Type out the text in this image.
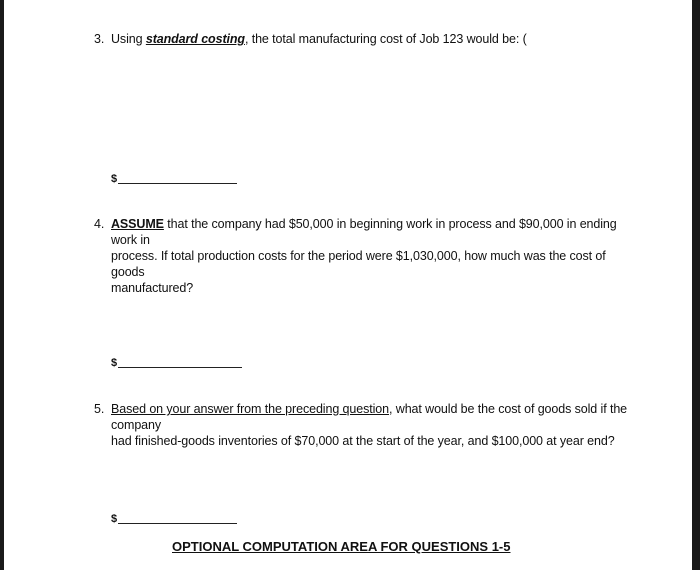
3. Using standard costing, the total manufacturing cost of Job 123 would be: (
$
4. ASSUME that the company had $50,000 in beginning work in process and $90,000 in ending work in
process. If total production costs for the period were $1,030,000, how much was the cost of goods
manufactured?
$
5. Based on your answer from the preceding question, what would be the cost of goods sold if the company
had finished-goods inventories of $70,000 at the start of the year, and $100,000 at year end?
$
OPTIONAL COMPUTATION AREA FOR QUESTIONS 1-5
